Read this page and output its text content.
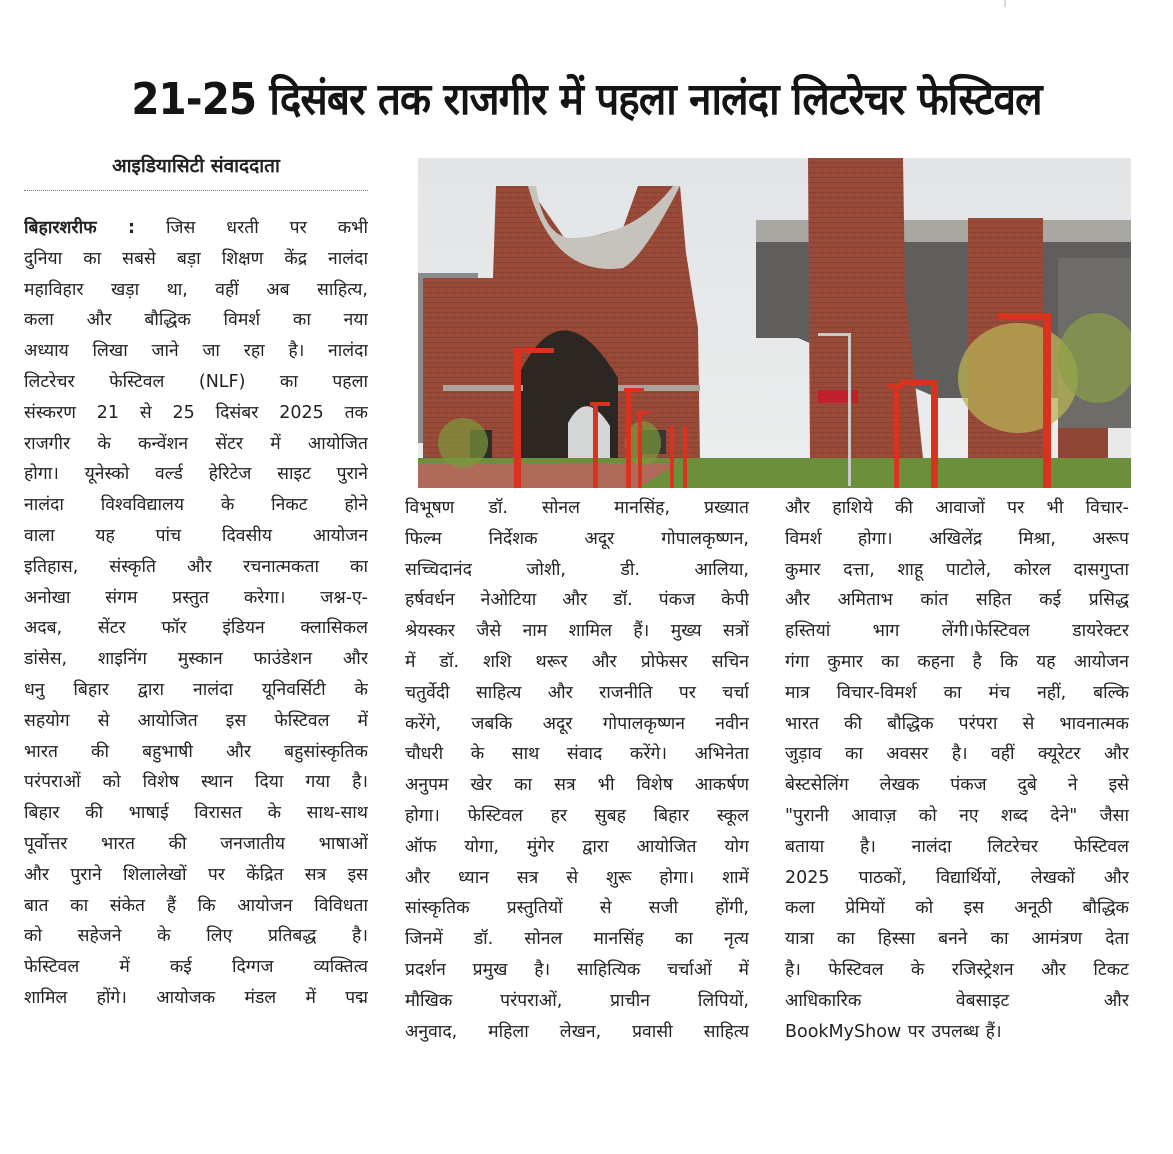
21-25 दिसंबर तक राजगीर में पहला नालंदा लिटरेचर फेस्टिवल
आइडियासिटी संवाददाता
बिहारशरीफ : जिस धरती पर कभी
दुनिया का सबसे बड़ा शिक्षण केंद्र नालंदा
महाविहार खड़ा था, वहीं अब साहित्य,
कला और बौद्धिक विमर्श का नया
अध्याय लिखा जाने जा रहा है। नालंदा
लिटरेचर फेस्टिवल (NLF) का पहला
संस्करण 21 से 25 दिसंबर 2025 तक
राजगीर के कन्वेंशन सेंटर में आयोजित
होगा। यूनेस्को वर्ल्ड हेरिटेज साइट पुराने
नालंदा विश्वविद्यालय के निकट होने
वाला यह पांच दिवसीय आयोजन
इतिहास, संस्कृति और रचनात्मकता का
अनोखा संगम प्रस्तुत करेगा। जश्न-ए-
अदब, सेंटर फॉर इंडियन क्लासिकल
डांसेस, शाइनिंग मुस्कान फाउंडेशन और
धनु बिहार द्वारा नालंदा यूनिवर्सिटी के
सहयोग से आयोजित इस फेस्टिवल में
भारत की बहुभाषी और बहुसांस्कृतिक
परंपराओं को विशेष स्थान दिया गया है।
बिहार की भाषाई विरासत के साथ-साथ
पूर्वोत्तर भारत की जनजातीय भाषाओं
और पुराने शिलालेखों पर केंद्रित सत्र इस
बात का संकेत हैं कि आयोजन विविधता
को सहेजने के लिए प्रतिबद्ध है।
फेस्टिवल में कई दिग्गज व्यक्तित्व
शामिल होंगे। आयोजक मंडल में पद्म
विभूषण डॉ. सोनल मानसिंह, प्रख्यात
फिल्म निर्देशक अदूर गोपालकृष्णन,
सच्चिदानंद जोशी, डी. आलिया,
हर्षवर्धन नेओटिया और डॉ. पंकज केपी
श्रेयस्कर जैसे नाम शामिल हैं। मुख्य सत्रों
में डॉ. शशि थरूर और प्रोफेसर सचिन
चतुर्वेदी साहित्य और राजनीति पर चर्चा
करेंगे, जबकि अदूर गोपालकृष्णन नवीन
चौधरी के साथ संवाद करेंगे। अभिनेता
अनुपम खेर का सत्र भी विशेष आकर्षण
होगा। फेस्टिवल हर सुबह बिहार स्कूल
ऑफ योगा, मुंगेर द्वारा आयोजित योग
और ध्यान सत्र से शुरू होगा। शामें
सांस्कृतिक प्रस्तुतियों से सजी होंगी,
जिनमें डॉ. सोनल मानसिंह का नृत्य
प्रदर्शन प्रमुख है। साहित्यिक चर्चाओं में
मौखिक परंपराओं, प्राचीन लिपियों,
अनुवाद, महिला लेखन, प्रवासी साहित्य
और हाशिये की आवाजों पर भी विचार-
विमर्श होगा। अखिलेंद्र मिश्रा, अरूप
कुमार दत्ता, शाहू पाटोले, कोरल दासगुप्ता
और अमिताभ कांत सहित कई प्रसिद्ध
हस्तियां भाग लेंगी।फेस्टिवल डायरेक्टर
गंगा कुमार का कहना है कि यह आयोजन
मात्र विचार-विमर्श का मंच नहीं, बल्कि
भारत की बौद्धिक परंपरा से भावनात्मक
जुड़ाव का अवसर है। वहीं क्यूरेटर और
बेस्टसेलिंग लेखक पंकज दुबे ने इसे
"पुरानी आवाज़ को नए शब्द देने" जैसा
बताया है। नालंदा लिटरेचर फेस्टिवल
2025 पाठकों, विद्यार्थियों, लेखकों और
कला प्रेमियों को इस अनूठी बौद्धिक
यात्रा का हिस्सा बनने का आमंत्रण देता
है। फेस्टिवल के रजिस्ट्रेशन और टिकट
आधिकारिक वेबसाइट और
BookMyShow पर उपलब्ध हैं।
